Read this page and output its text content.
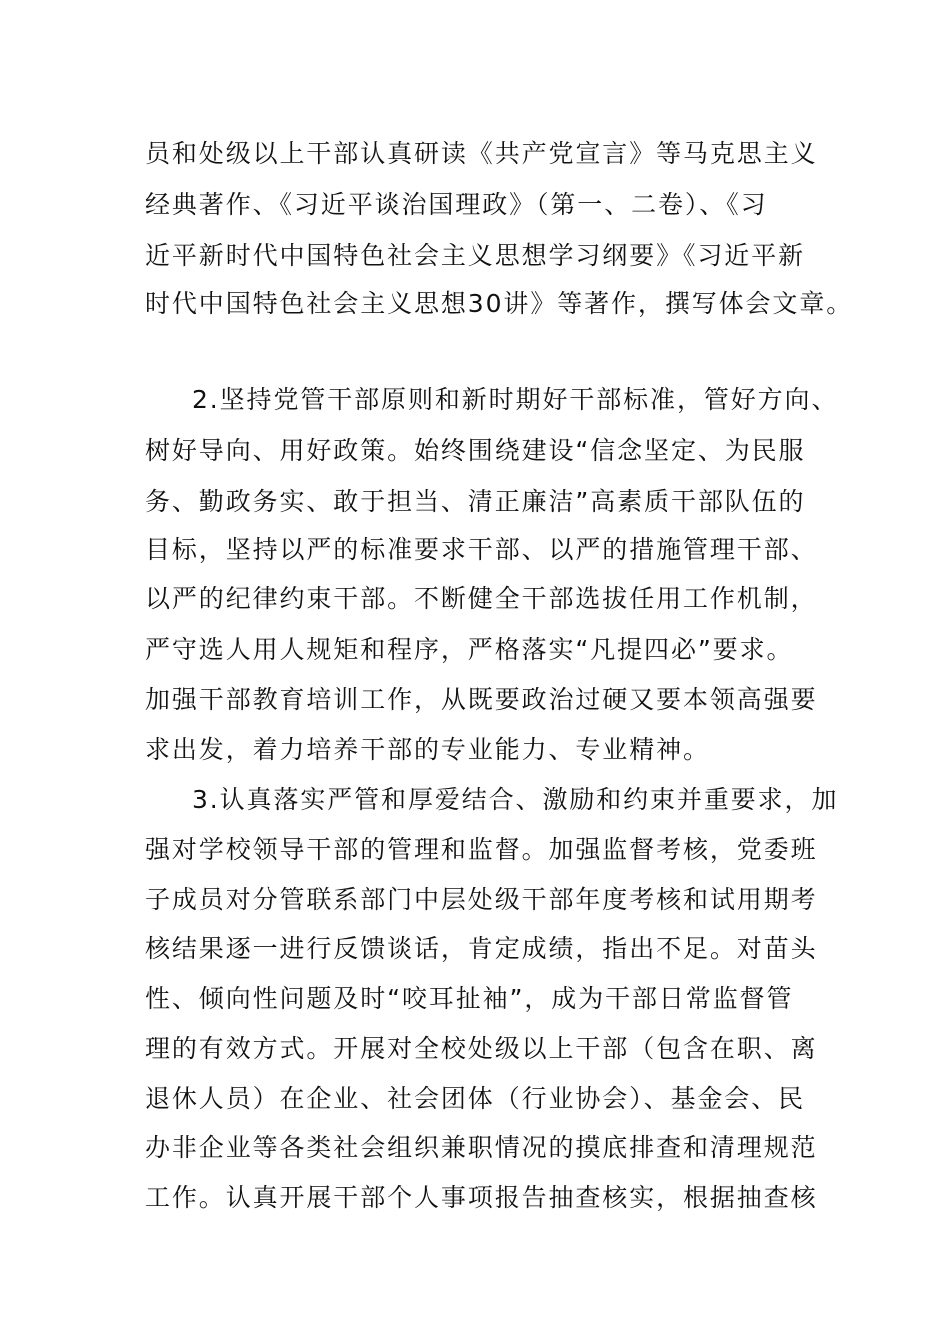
员和处级以上干部认真研读《共产党宣言》等马克思主义
经典著作、《习近平谈治国理政》（第一、二卷）、《习
近平新时代中国特色社会主义思想学习纲要》《习近平新
时代中国特色社会主义思想30讲》等著作，撰写体会文章。
2.坚持党管干部原则和新时期好干部标准，管好方向、
树好导向、用好政策。始终围绕建设“信念坚定、为民服
务、勤政务实、敢于担当、清正廉洁”高素质干部队伍的
目标，坚持以严的标准要求干部、以严的措施管理干部、
以严的纪律约束干部。不断健全干部选拔任用工作机制，
严守选人用人规矩和程序，严格落实“凡提四必”要求。
加强干部教育培训工作，从既要政治过硬又要本领高强要
求出发，着力培养干部的专业能力、专业精神。
3.认真落实严管和厚爱结合、激励和约束并重要求，加
强对学校领导干部的管理和监督。加强监督考核，党委班
子成员对分管联系部门中层处级干部年度考核和试用期考
核结果逐一进行反馈谈话，肯定成绩，指出不足。对苗头
性、倾向性问题及时“咬耳扯袖”，成为干部日常监督管
理的有效方式。开展对全校处级以上干部（包含在职、离
退休人员）在企业、社会团体（行业协会）、基金会、民
办非企业等各类社会组织兼职情况的摸底排查和清理规范
工作。认真开展干部个人事项报告抽查核实，根据抽查核
